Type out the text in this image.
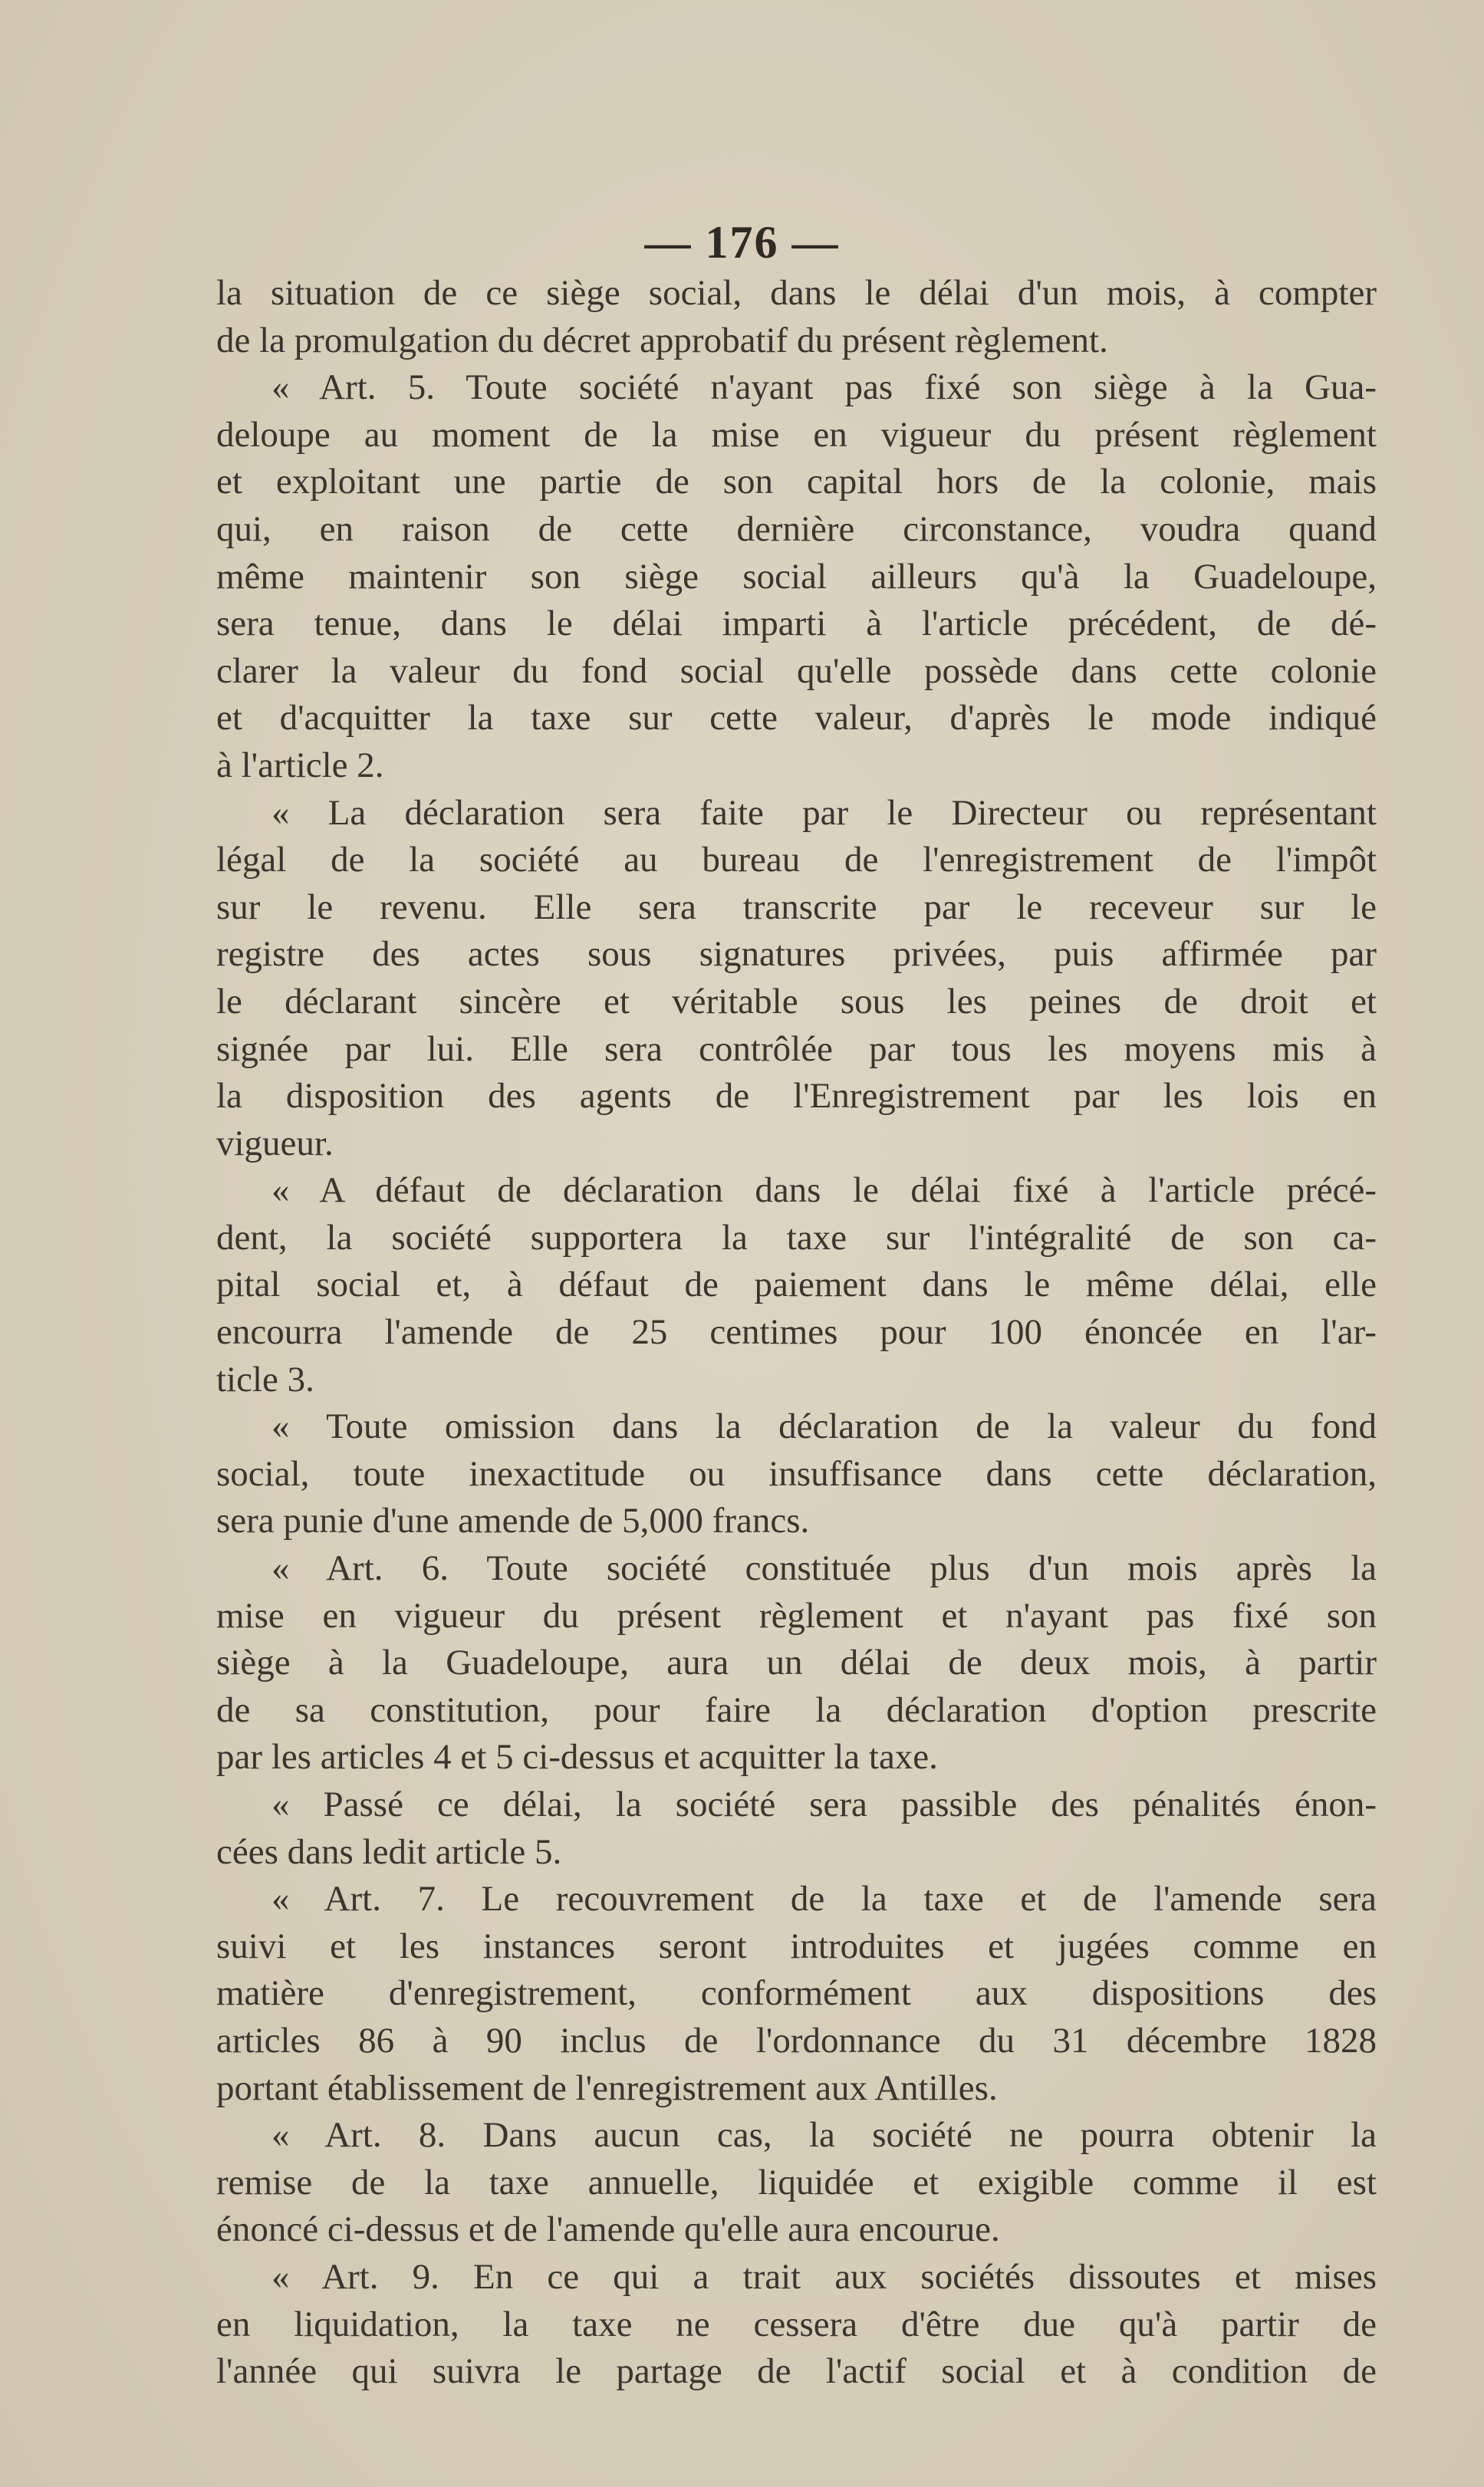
— 176 —
la situation de ce siège social, dans le délai d'un mois, à compter
de la promulgation du décret approbatif du présent règlement.
« Art. 5. Toute société n'ayant pas fixé son siège à la Gua-
deloupe au moment de la mise en vigueur du présent règlement
et exploitant une partie de son capital hors de la colonie, mais
qui, en raison de cette dernière circonstance, voudra quand
même maintenir son siège social ailleurs qu'à la Guadeloupe,
sera tenue, dans le délai imparti à l'article précédent, de dé-
clarer la valeur du fond social qu'elle possède dans cette colonie
et d'acquitter la taxe sur cette valeur, d'après le mode indiqué
à l'article 2.
« La déclaration sera faite par le Directeur ou représentant
légal de la société au bureau de l'enregistrement de l'impôt
sur le revenu. Elle sera transcrite par le receveur sur le
registre des actes sous signatures privées, puis affirmée par
le déclarant sincère et véritable sous les peines de droit et
signée par lui. Elle sera contrôlée par tous les moyens mis à
la disposition des agents de l'Enregistrement par les lois en
vigueur.
« A défaut de déclaration dans le délai fixé à l'article précé-
dent, la société supportera la taxe sur l'intégralité de son ca-
pital social et, à défaut de paiement dans le même délai, elle
encourra l'amende de 25 centimes pour 100 énoncée en l'ar-
ticle 3.
« Toute omission dans la déclaration de la valeur du fond
social, toute inexactitude ou insuffisance dans cette déclaration,
sera punie d'une amende de 5,000 francs.
« Art. 6. Toute société constituée plus d'un mois après la
mise en vigueur du présent règlement et n'ayant pas fixé son
siège à la Guadeloupe, aura un délai de deux mois, à partir
de sa constitution, pour faire la déclaration d'option prescrite
par les articles 4 et 5 ci-dessus et acquitter la taxe.
« Passé ce délai, la société sera passible des pénalités énon-
cées dans ledit article 5.
« Art. 7. Le recouvrement de la taxe et de l'amende sera
suivi et les instances seront introduites et jugées comme en
matière d'enregistrement, conformément aux dispositions des
articles 86 à 90 inclus de l'ordonnance du 31 décembre 1828
portant établissement de l'enregistrement aux Antilles.
« Art. 8. Dans aucun cas, la société ne pourra obtenir la
remise de la taxe annuelle, liquidée et exigible comme il est
énoncé ci-dessus et de l'amende qu'elle aura encourue.
« Art. 9. En ce qui a trait aux sociétés dissoutes et mises
en liquidation, la taxe ne cessera d'être due qu'à partir de
l'année qui suivra le partage de l'actif social et à condition de
